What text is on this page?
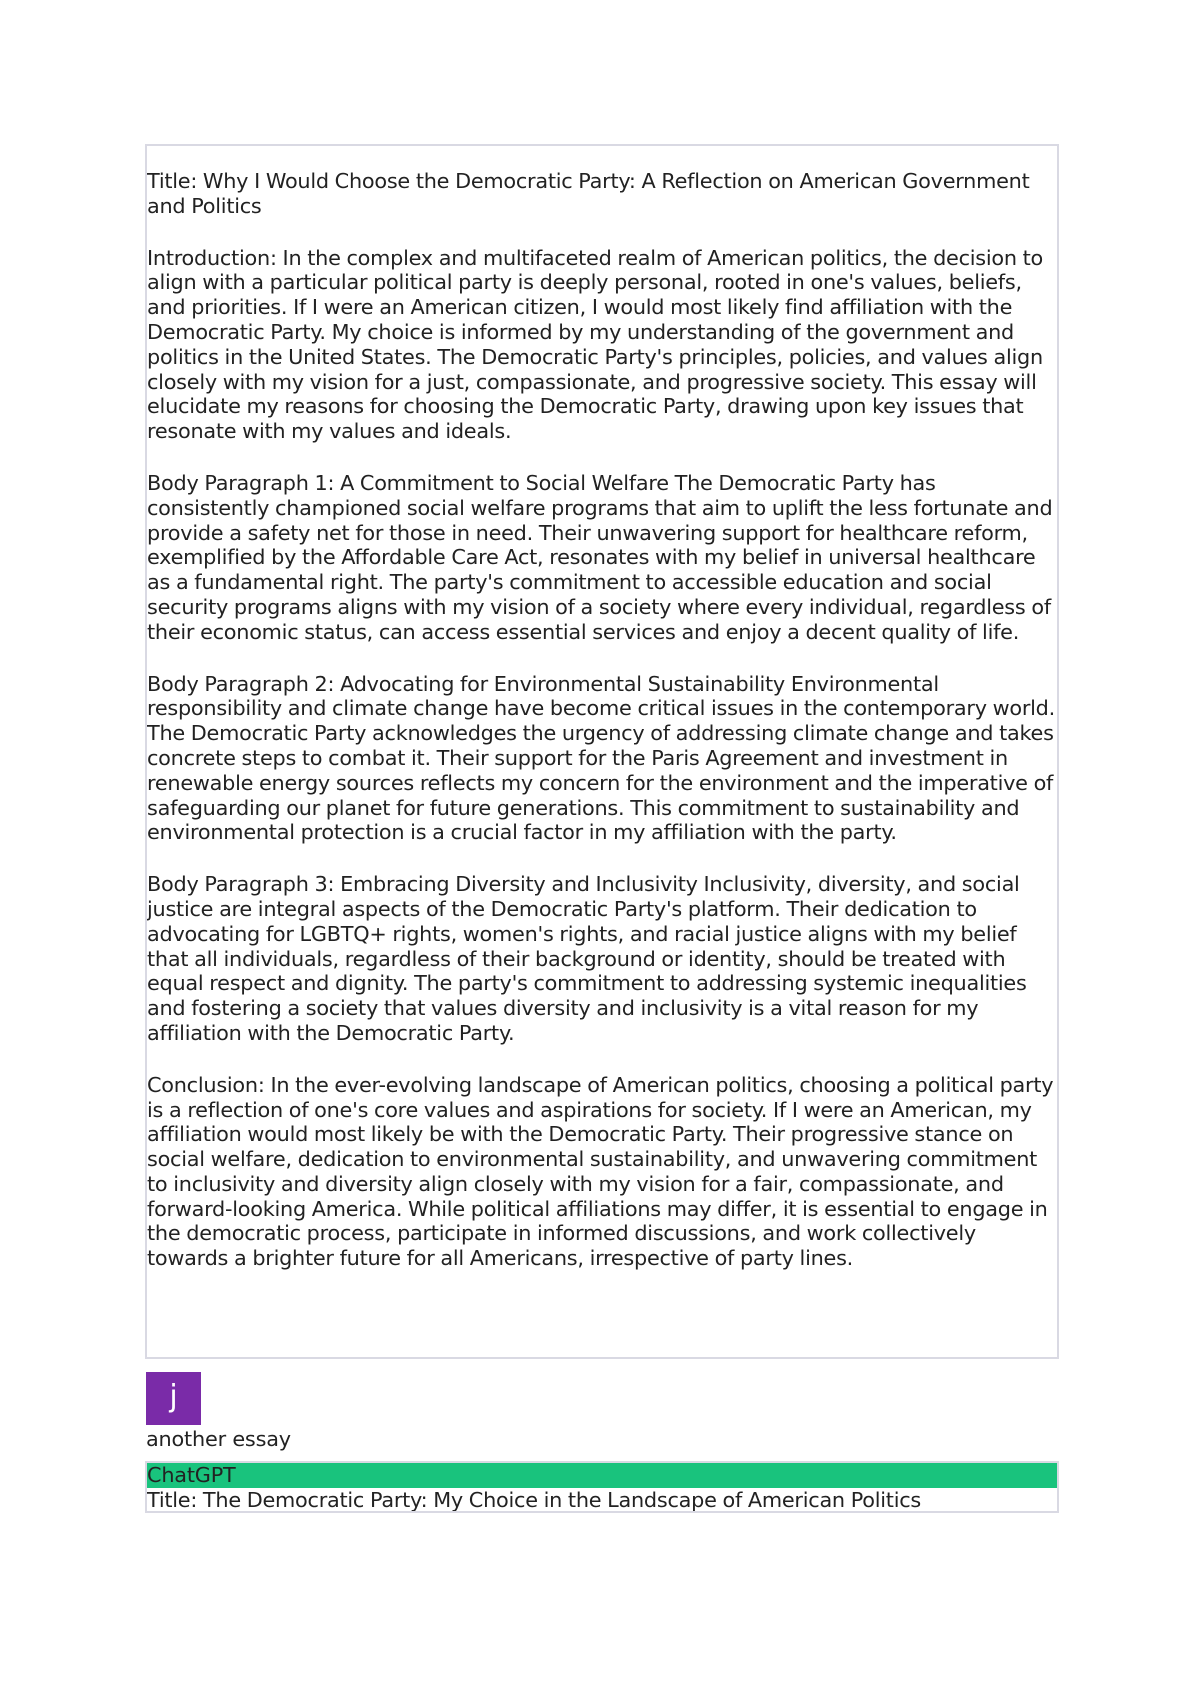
Title: Why I Would Choose the Democratic Party: A Reflection on American Government and Politics

Introduction: In the complex and multifaceted realm of American politics, the decision to align with a particular political party is deeply personal, rooted in one's values, beliefs, and priorities. If I were an American citizen, I would most likely find affiliation with the Democratic Party. My choice is informed by my understanding of the government and politics in the United States. The Democratic Party's principles, policies, and values align closely with my vision for a just, compassionate, and progressive society. This essay will elucidate my reasons for choosing the Democratic Party, drawing upon key issues that resonate with my values and ideals.

Body Paragraph 1: A Commitment to Social Welfare The Democratic Party has consistently championed social welfare programs that aim to uplift the less fortunate and provide a safety net for those in need. Their unwavering support for healthcare reform, exemplified by the Affordable Care Act, resonates with my belief in universal healthcare as a fundamental right. The party's commitment to accessible education and social security programs aligns with my vision of a society where every individual, regardless of their economic status, can access essential services and enjoy a decent quality of life.

Body Paragraph 2: Advocating for Environmental Sustainability Environmental responsibility and climate change have become critical issues in the contemporary world. The Democratic Party acknowledges the urgency of addressing climate change and takes concrete steps to combat it. Their support for the Paris Agreement and investment in renewable energy sources reflects my concern for the environment and the imperative of safeguarding our planet for future generations. This commitment to sustainability and environmental protection is a crucial factor in my affiliation with the party.

Body Paragraph 3: Embracing Diversity and Inclusivity Inclusivity, diversity, and social justice are integral aspects of the Democratic Party's platform. Their dedication to advocating for LGBTQ+ rights, women's rights, and racial justice aligns with my belief that all individuals, regardless of their background or identity, should be treated with equal respect and dignity. The party's commitment to addressing systemic inequalities and fostering a society that values diversity and inclusivity is a vital reason for my affiliation with the Democratic Party.

Conclusion: In the ever-evolving landscape of American politics, choosing a political party is a reflection of one's core values and aspirations for society. If I were an American, my affiliation would most likely be with the Democratic Party. Their progressive stance on social welfare, dedication to environmental sustainability, and unwavering commitment to inclusivity and diversity align closely with my vision for a fair, compassionate, and forward-looking America. While political affiliations may differ, it is essential to engage in the democratic process, participate in informed discussions, and work collectively towards a brighter future for all Americans, irrespective of party lines.

j
another essay
ChatGPT
Title: The Democratic Party: My Choice in the Landscape of American Politics
